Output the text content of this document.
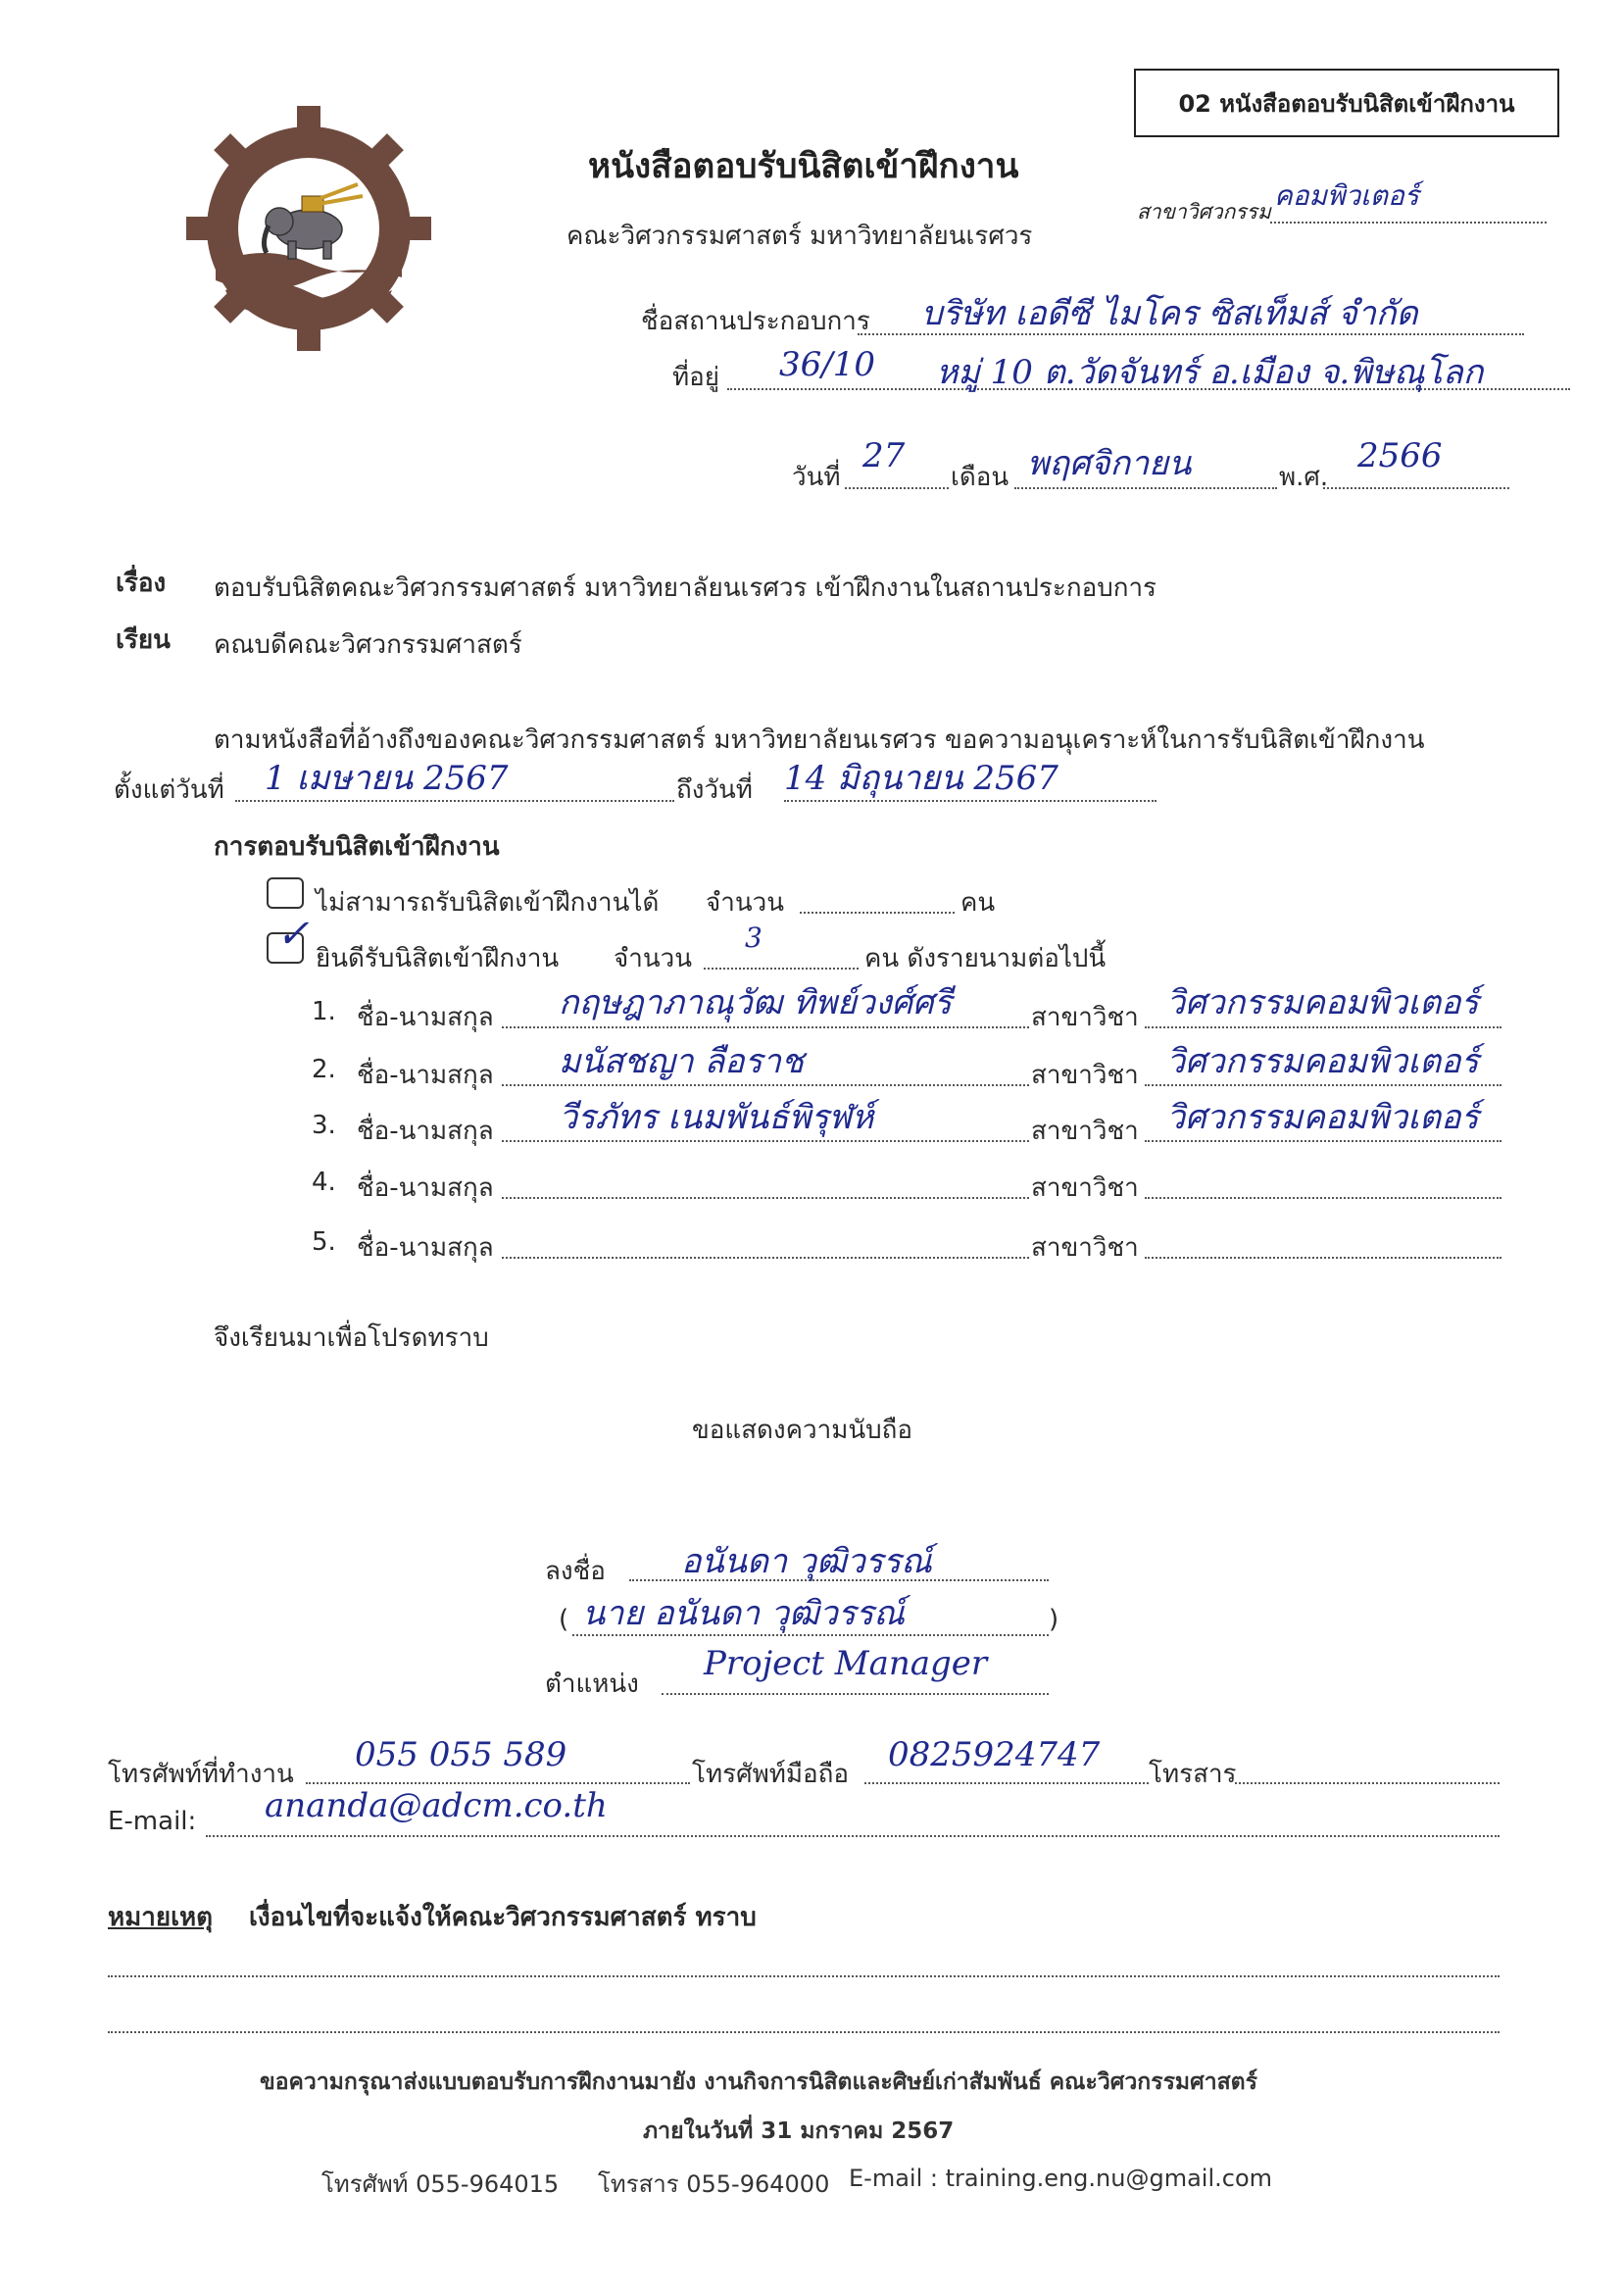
02 หนังสือตอบรับนิสิตเข้าฝึกงาน
หนังสือตอบรับนิสิตเข้าฝึกงาน
คณะวิศวกรรมศาสตร์ มหาวิทยาลัยนเรศวร
สาขาวิศวกรรม คอมพิวเตอร์
ชื่อสถานประกอบการ บริษัท เอดีซี ไมโคร ซิสเท็มส์ จำกัด
ที่อยู่ 36/10 หมู่ 10 ต.วัดจันทร์ อ.เมือง จ.พิษณุโลก
วันที่
27
เดือน พฤศจิกายน	พ.ศ.
2566
เรื่อง ตอบรับนิสิตคณะวิศวกรรมศาสตร์ มหาวิทยาลัยนเรศวร เข้าฝึกงานในสถานประกอบการ
เรียน คณบดีคณะวิศวกรรมศาสตร์
ตามหนังสือที่อ้างถึงของคณะวิศวกรรมศาสตร์ มหาวิทยาลัยนเรศวร ขอความอนุเคราะห์ในการรับนิสิตเข้าฝึกงาน
ตั้งแต่วันที่ 1 เมษายน 2567	ถึงวันที่ 14 มิถุนายน 2567
การตอบรับนิสิตเข้าฝึกงาน
ไม่สามารถรับนิสิตเข้าฝึกงานได้ จำนวน	คน
✓
ยินดีรับนิสิตเข้าฝึกงาน จำนวน
3
คน ดังรายนามต่อไปนี้
1. ชื่อ-นามสกุล กฤษฎาภาณุวัฒ ทิพย์วงศ์ศรี	สาขาวิชา วิศวกรรมคอมพิวเตอร์
2. ชื่อ-นามสกุล มนัสชญา ลือราช	สาขาวิชา วิศวกรรมคอมพิวเตอร์
3. ชื่อ-นามสกุล วีรภัทร เนมพันธ์พิรุฬห์	สาขาวิชา วิศวกรรมคอมพิวเตอร์
4. ชื่อ-นามสกุล	สาขาวิชา
5. ชื่อ-นามสกุล	สาขาวิชา
จึงเรียนมาเพื่อโปรดทราบ
ขอแสดงความนับถือ
ลงชื่อ อนันดา วุฒิวรรณ์
( นาย อนันดา วุฒิวรรณ์	)
ตำแหน่ง
Project Manager
โทรศัพท์ที่ทำงาน 055 055 589	โทรศัพท์มือถือ 0825924747 โทรสาร
E-mail: ananda@adcm.co.th
หมายเหตุ เงื่อนไขที่จะแจ้งให้คณะวิศวกรรมศาสตร์ ทราบ
ขอความกรุณาส่งแบบตอบรับการฝึกงานมายัง งานกิจการนิสิตและศิษย์เก่าสัมพันธ์ คณะวิศวกรรมศาสตร์
ภายในวันที่ 31 มกราคม 2567
โทรศัพท์ 055-964015 โทรสาร 055-964000 E-mail : training.eng.nu@gmail.com
